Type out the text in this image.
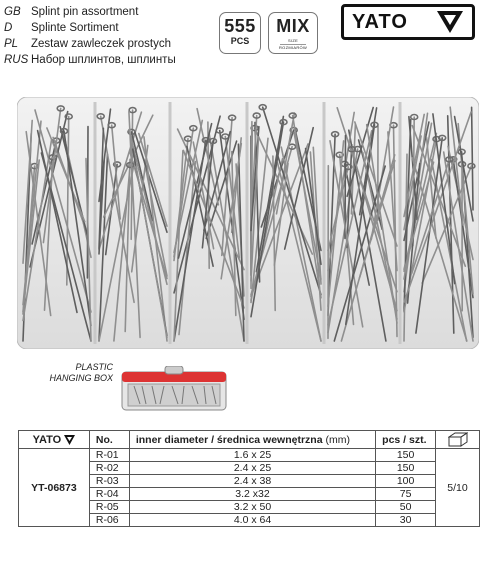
GB Splint pin assortment
D	Splinte Sortiment
PL	Zestaw zawleczek prostych
RUS Набор шплинтов, шплинты
555
PCS
MIX
SIZE
ROZMIARÓW
YATO
PLASTIC
HANGING BOX
YATO	No.	inner diameter / średnica wewnętrzna (mm)	pcs / szt.	

YT-06873	R-01	1.6 x 25	150	5/10
	R-02	2.4 x 25	150	
	R-03	2.4 x 38	100	
	R-04	3.2 x32	75	
	R-05	3.2 x 50	50	
	R-06	4.0 x 64	30	
